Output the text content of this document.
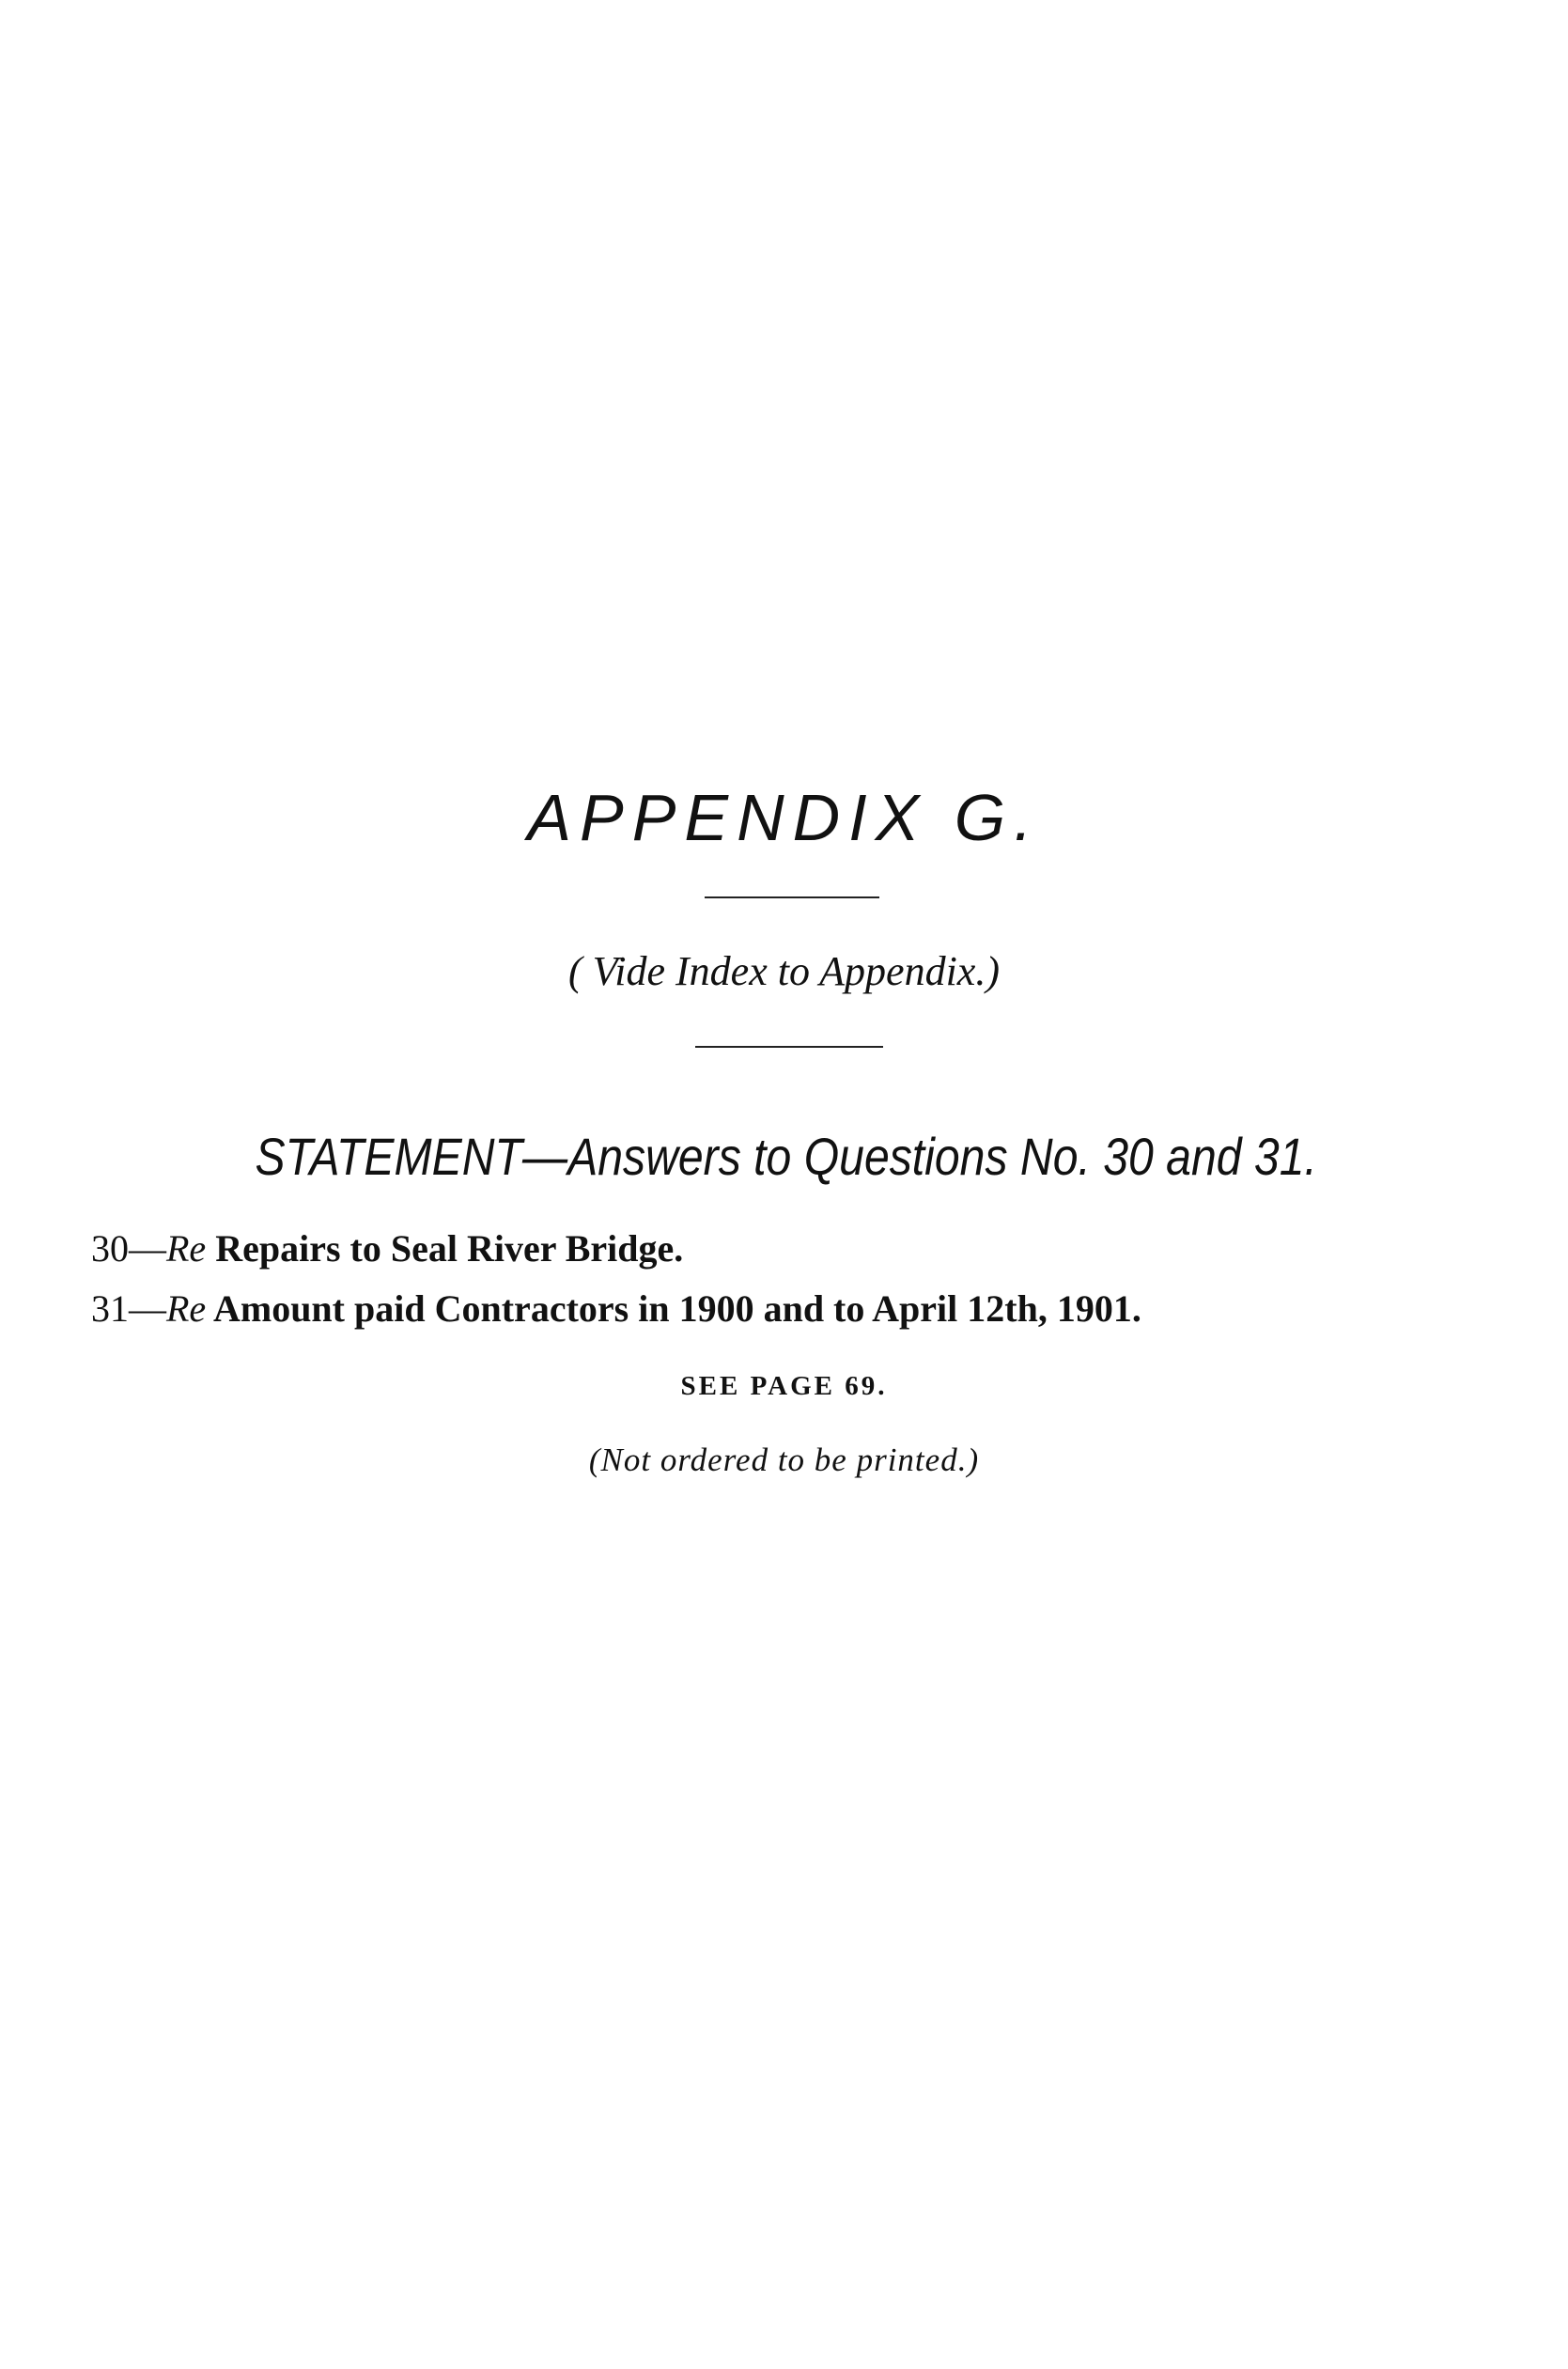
APPENDIX G.
( Vide Index to Appendix.)
STATEMENT—Answers to Questions No. 30 and 31.
30—Re Repairs to Seal River Bridge.
31—Re Amount paid Contractors in 1900 and to April 12th, 1901.
SEE PAGE 69.
(Not ordered to be printed.)
